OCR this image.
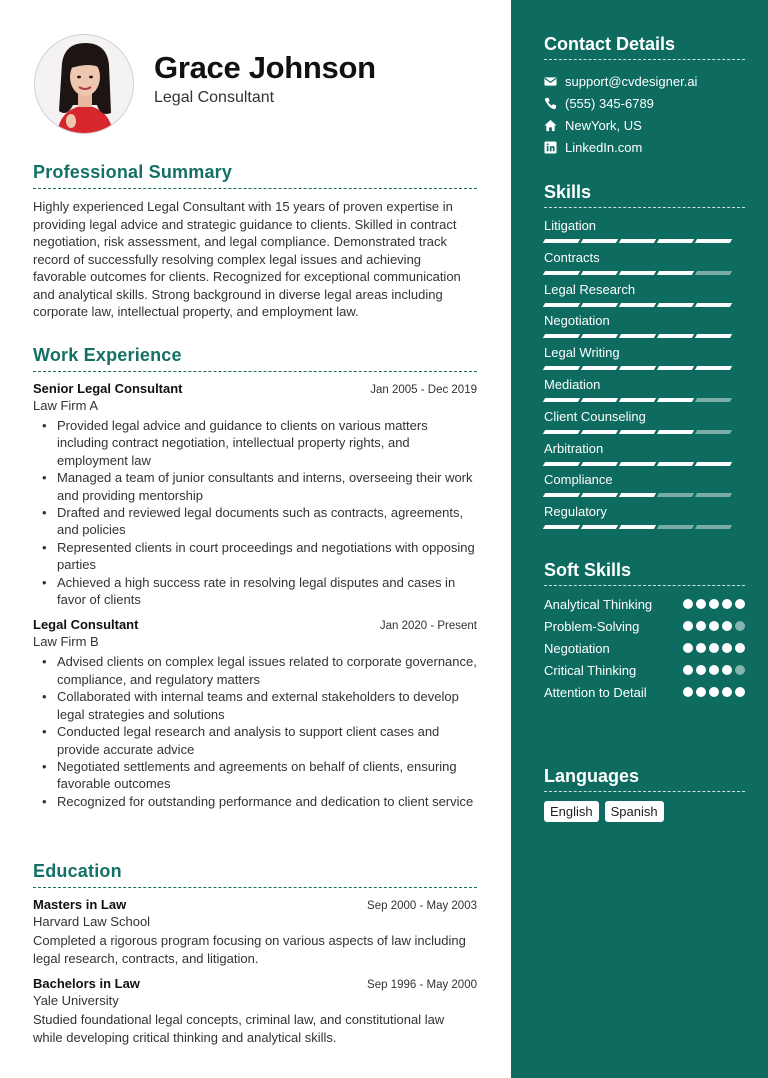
Grace Johnson
Legal Consultant
Professional Summary
Highly experienced Legal Consultant with 15 years of proven expertise in providing legal advice and strategic guidance to clients. Skilled in contract negotiation, risk assessment, and legal compliance. Demonstrated track record of successfully resolving complex legal issues and achieving favorable outcomes for clients. Recognized for exceptional communication and analytical skills. Strong background in diverse legal areas including corporate law, intellectual property, and employment law.
Work Experience
Senior Legal Consultant	Jan 2005 - Dec 2019
Law Firm A
• Provided legal advice and guidance to clients on various matters including contract negotiation, intellectual property rights, and employment law
• Managed a team of junior consultants and interns, overseeing their work and providing mentorship
• Drafted and reviewed legal documents such as contracts, agreements, and policies
• Represented clients in court proceedings and negotiations with opposing parties
• Achieved a high success rate in resolving legal disputes and cases in favor of clients
Legal Consultant	Jan 2020 - Present
Law Firm B
• Advised clients on complex legal issues related to corporate governance, compliance, and regulatory matters
• Collaborated with internal teams and external stakeholders to develop legal strategies and solutions
• Conducted legal research and analysis to support client cases and provide accurate advice
• Negotiated settlements and agreements on behalf of clients, ensuring favorable outcomes
• Recognized for outstanding performance and dedication to client service
Education
Masters in Law	Sep 2000 - May 2003
Harvard Law School
Completed a rigorous program focusing on various aspects of law including legal research, contracts, and litigation.
Bachelors in Law	Sep 1996 - May 2000
Yale University
Studied foundational legal concepts, criminal law, and constitutional law while developing critical thinking and analytical skills.
Contact Details
support@cvdesigner.ai
(555) 345-6789
NewYork, US
LinkedIn.com
Skills
Litigation
Contracts
Legal Research
Negotiation
Legal Writing
Mediation
Client Counseling
Arbitration
Compliance
Regulatory
Soft Skills
Analytical Thinking
Problem-Solving
Negotiation
Critical Thinking
Attention to Detail
Languages
English	Spanish
